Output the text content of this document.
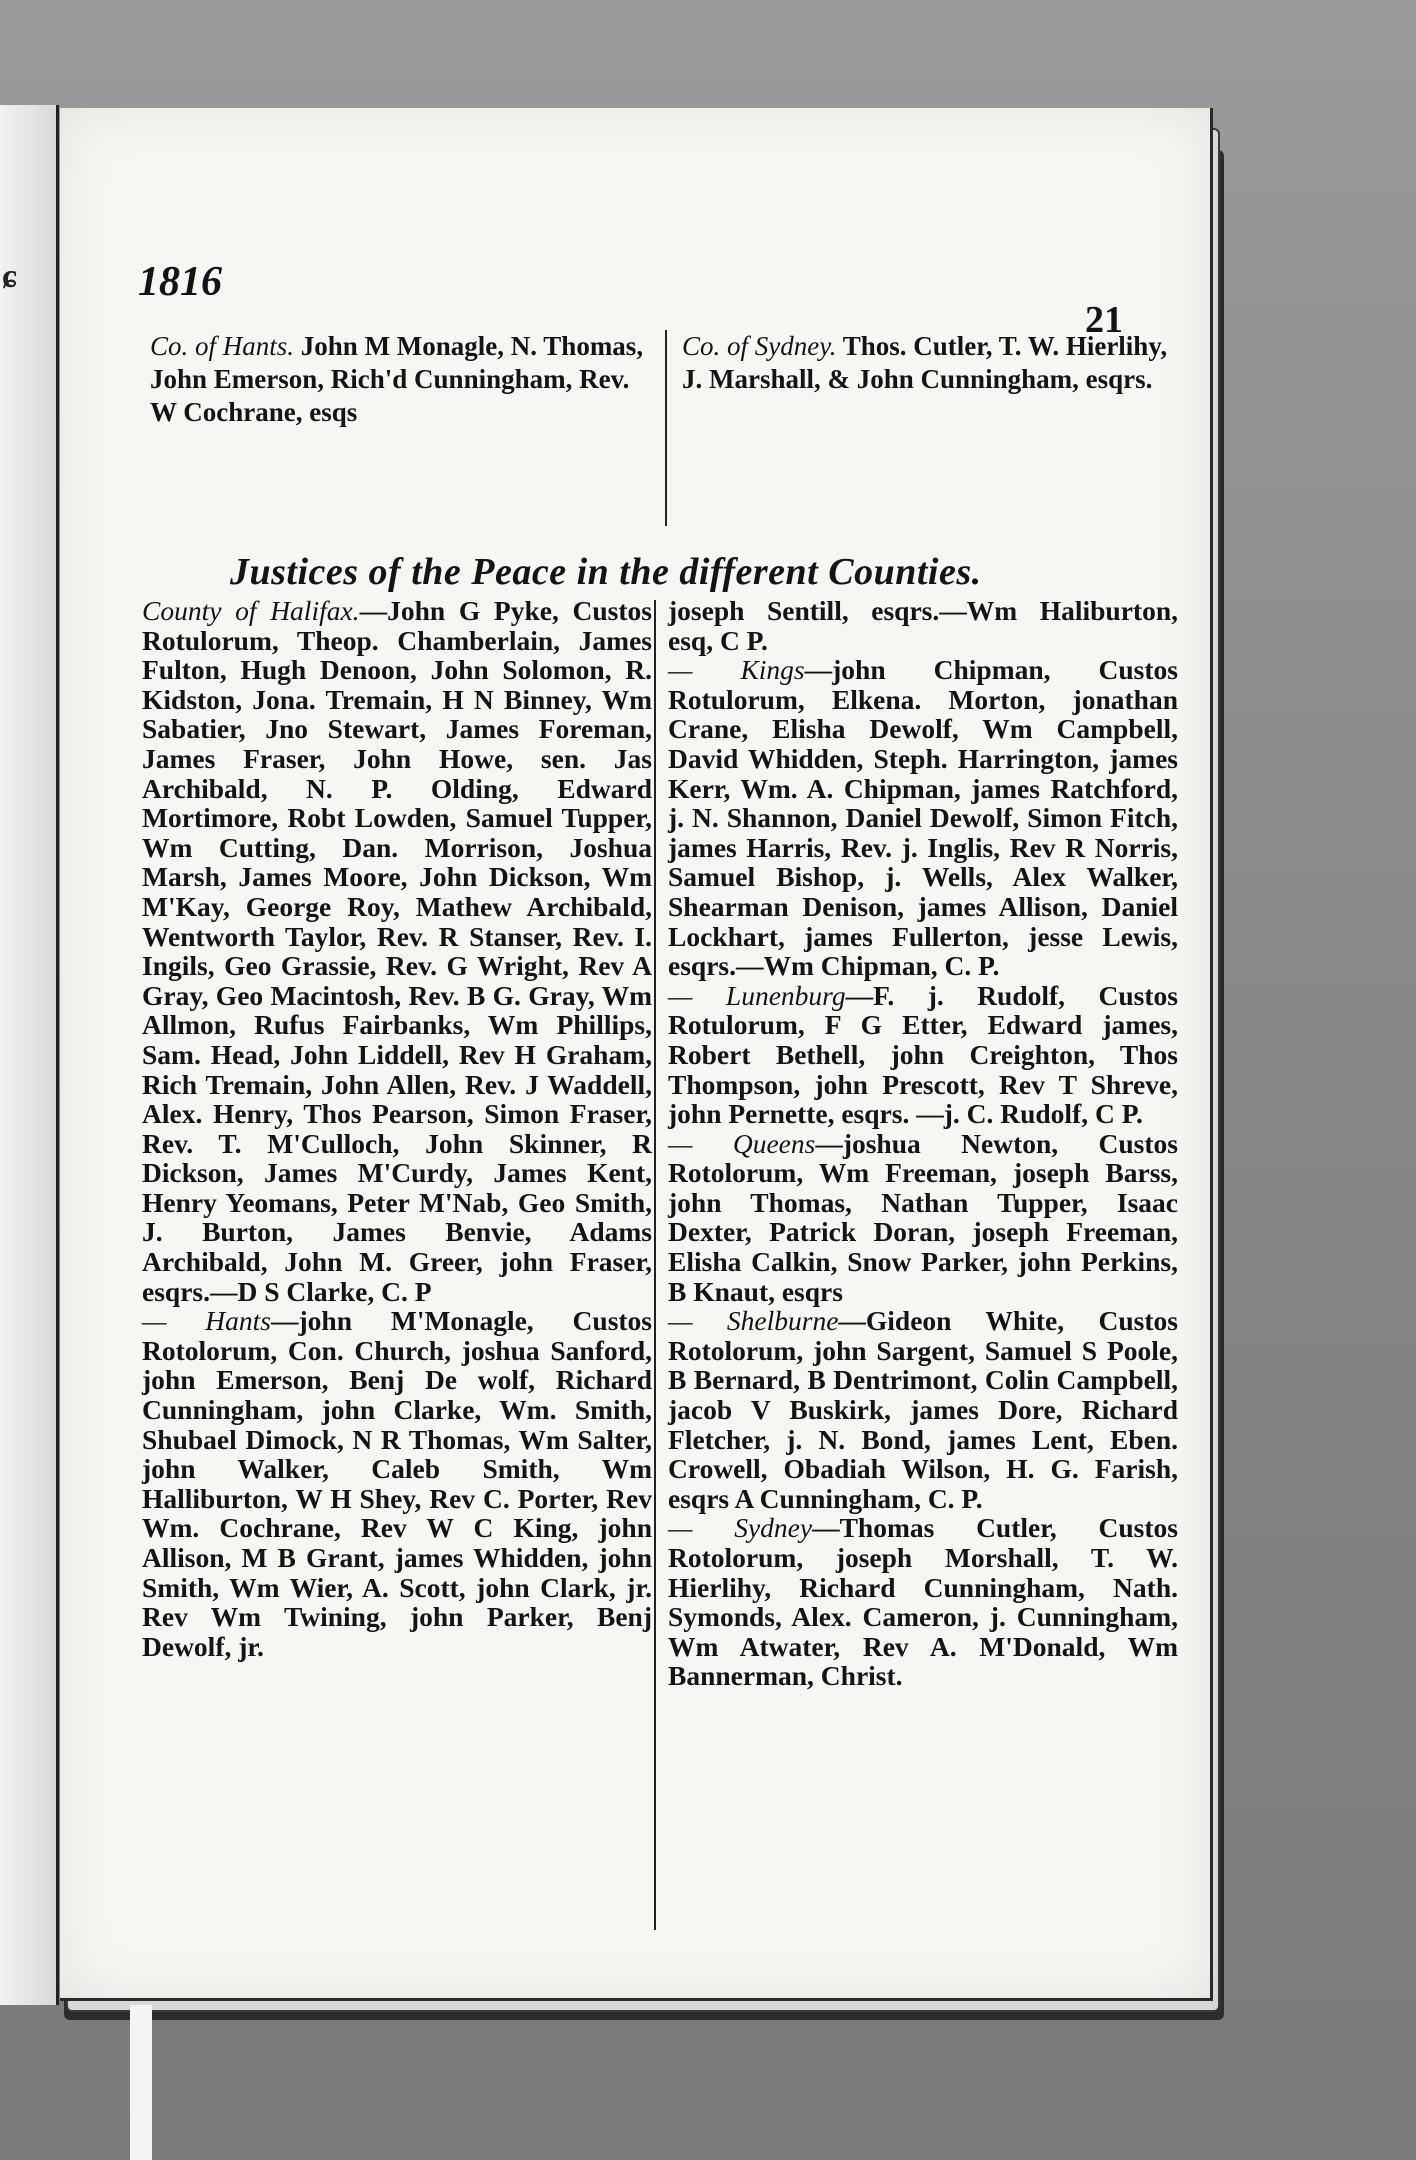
ɕ	1816
21
Co. of Hants. John M Monagle, N. Thomas, John Emerson, Rich'd Cunningham, Rev. W Cochrane, esqs
Co. of Sydney. Thos. Cutler, T. W. Hierlihy, J. Marshall, & John Cunningham, esqrs.
Justices of the Peace in the different Counties.

County of Halifax.—John G Pyke, Custos Rotulorum, Theop. Chamberlain, James Fulton, Hugh Denoon, John Solomon, R. Kidston, Jona. Tremain, H N Binney, Wm Sabatier, Jno Stewart, James Foreman, James Fraser, John Howe, sen. Jas Archibald, N. P. Olding, Edward Mortimore, Robt Lowden, Samuel Tupper, Wm Cutting, Dan. Morrison, Joshua Marsh, James Moore, John Dickson, Wm M'Kay, George Roy, Mathew Archibald, Wentworth Taylor, Rev. R Stanser, Rev. I. Ingils, Geo Grassie, Rev. G Wright, Rev A Gray, Geo Macintosh, Rev. B G. Gray, Wm Allmon, Rufus Fairbanks, Wm Phillips, Sam. Head, John Liddell, Rev H Graham, Rich Tremain, John Allen, Rev. J Waddell, Alex. Henry, Thos Pearson, Simon Fraser, Rev. T. M'Culloch, John Skinner, R Dickson, James M'Curdy, James Kent, Henry Yeomans, Peter M'Nab, Geo Smith, J. Burton, James Benvie, Adams Archibald, John M. Greer, john Fraser, esqrs.—D S Clarke, C. P

— Hants—john M'Monagle, Custos Rotolorum, Con. Church, joshua Sanford, john Emerson, Benj De wolf, Richard Cunningham, john Clarke, Wm. Smith, Shubael Dimock, N R Thomas, Wm Salter, john Walker, Caleb Smith, Wm Halliburton, W H Shey, Rev C. Porter, Rev Wm. Cochrane, Rev W C King, john Allison, M B Grant, james Whidden, john Smith, Wm Wier, A. Scott, john Clark, jr. Rev Wm Twining, john Parker, Benj Dewolf, jr.

joseph Sentill, esqrs.—Wm Haliburton, esq, C P.

— Kings—john Chipman, Custos Rotulorum, Elkena. Morton, jonathan Crane, Elisha Dewolf, Wm Campbell, David Whidden, Steph. Harrington, james Kerr, Wm. A. Chipman, james Ratchford, j. N. Shannon, Daniel Dewolf, Simon Fitch, james Harris, Rev. j. Inglis, Rev R Norris, Samuel Bishop, j. Wells, Alex Walker, Shearman Denison, james Allison, Daniel Lockhart, james Fullerton, jesse Lewis, esqrs.—Wm Chipman, C. P.

— Lunenburg—F. j. Rudolf, Custos Rotulorum, F G Etter, Edward james, Robert Bethell, john Creighton, Thos Thompson, john Prescott, Rev T Shreve, john Pernette, esqrs. —j. C. Rudolf, C P.

— Queens—joshua Newton, Custos Rotolorum, Wm Freeman, joseph Barss, john Thomas, Nathan Tupper, Isaac Dexter, Patrick Doran, joseph Freeman, Elisha Calkin, Snow Parker, john Perkins, B Knaut, esqrs

— Shelburne—Gideon White, Custos Rotolorum, john Sargent, Samuel S Poole, B Bernard, B Dentrimont, Colin Campbell, jacob V Buskirk, james Dore, Richard Fletcher, j. N. Bond, james Lent, Eben. Crowell, Obadiah Wilson, H. G. Farish, esqrs A Cunningham, C. P.

— Sydney—Thomas Cutler, Custos Rotolorum, joseph Morshall, T. W. Hierlihy, Richard Cunningham, Nath. Symonds, Alex. Cameron, j. Cunningham, Wm Atwater, Rev A. M'Donald, Wm Bannerman, Christ.
